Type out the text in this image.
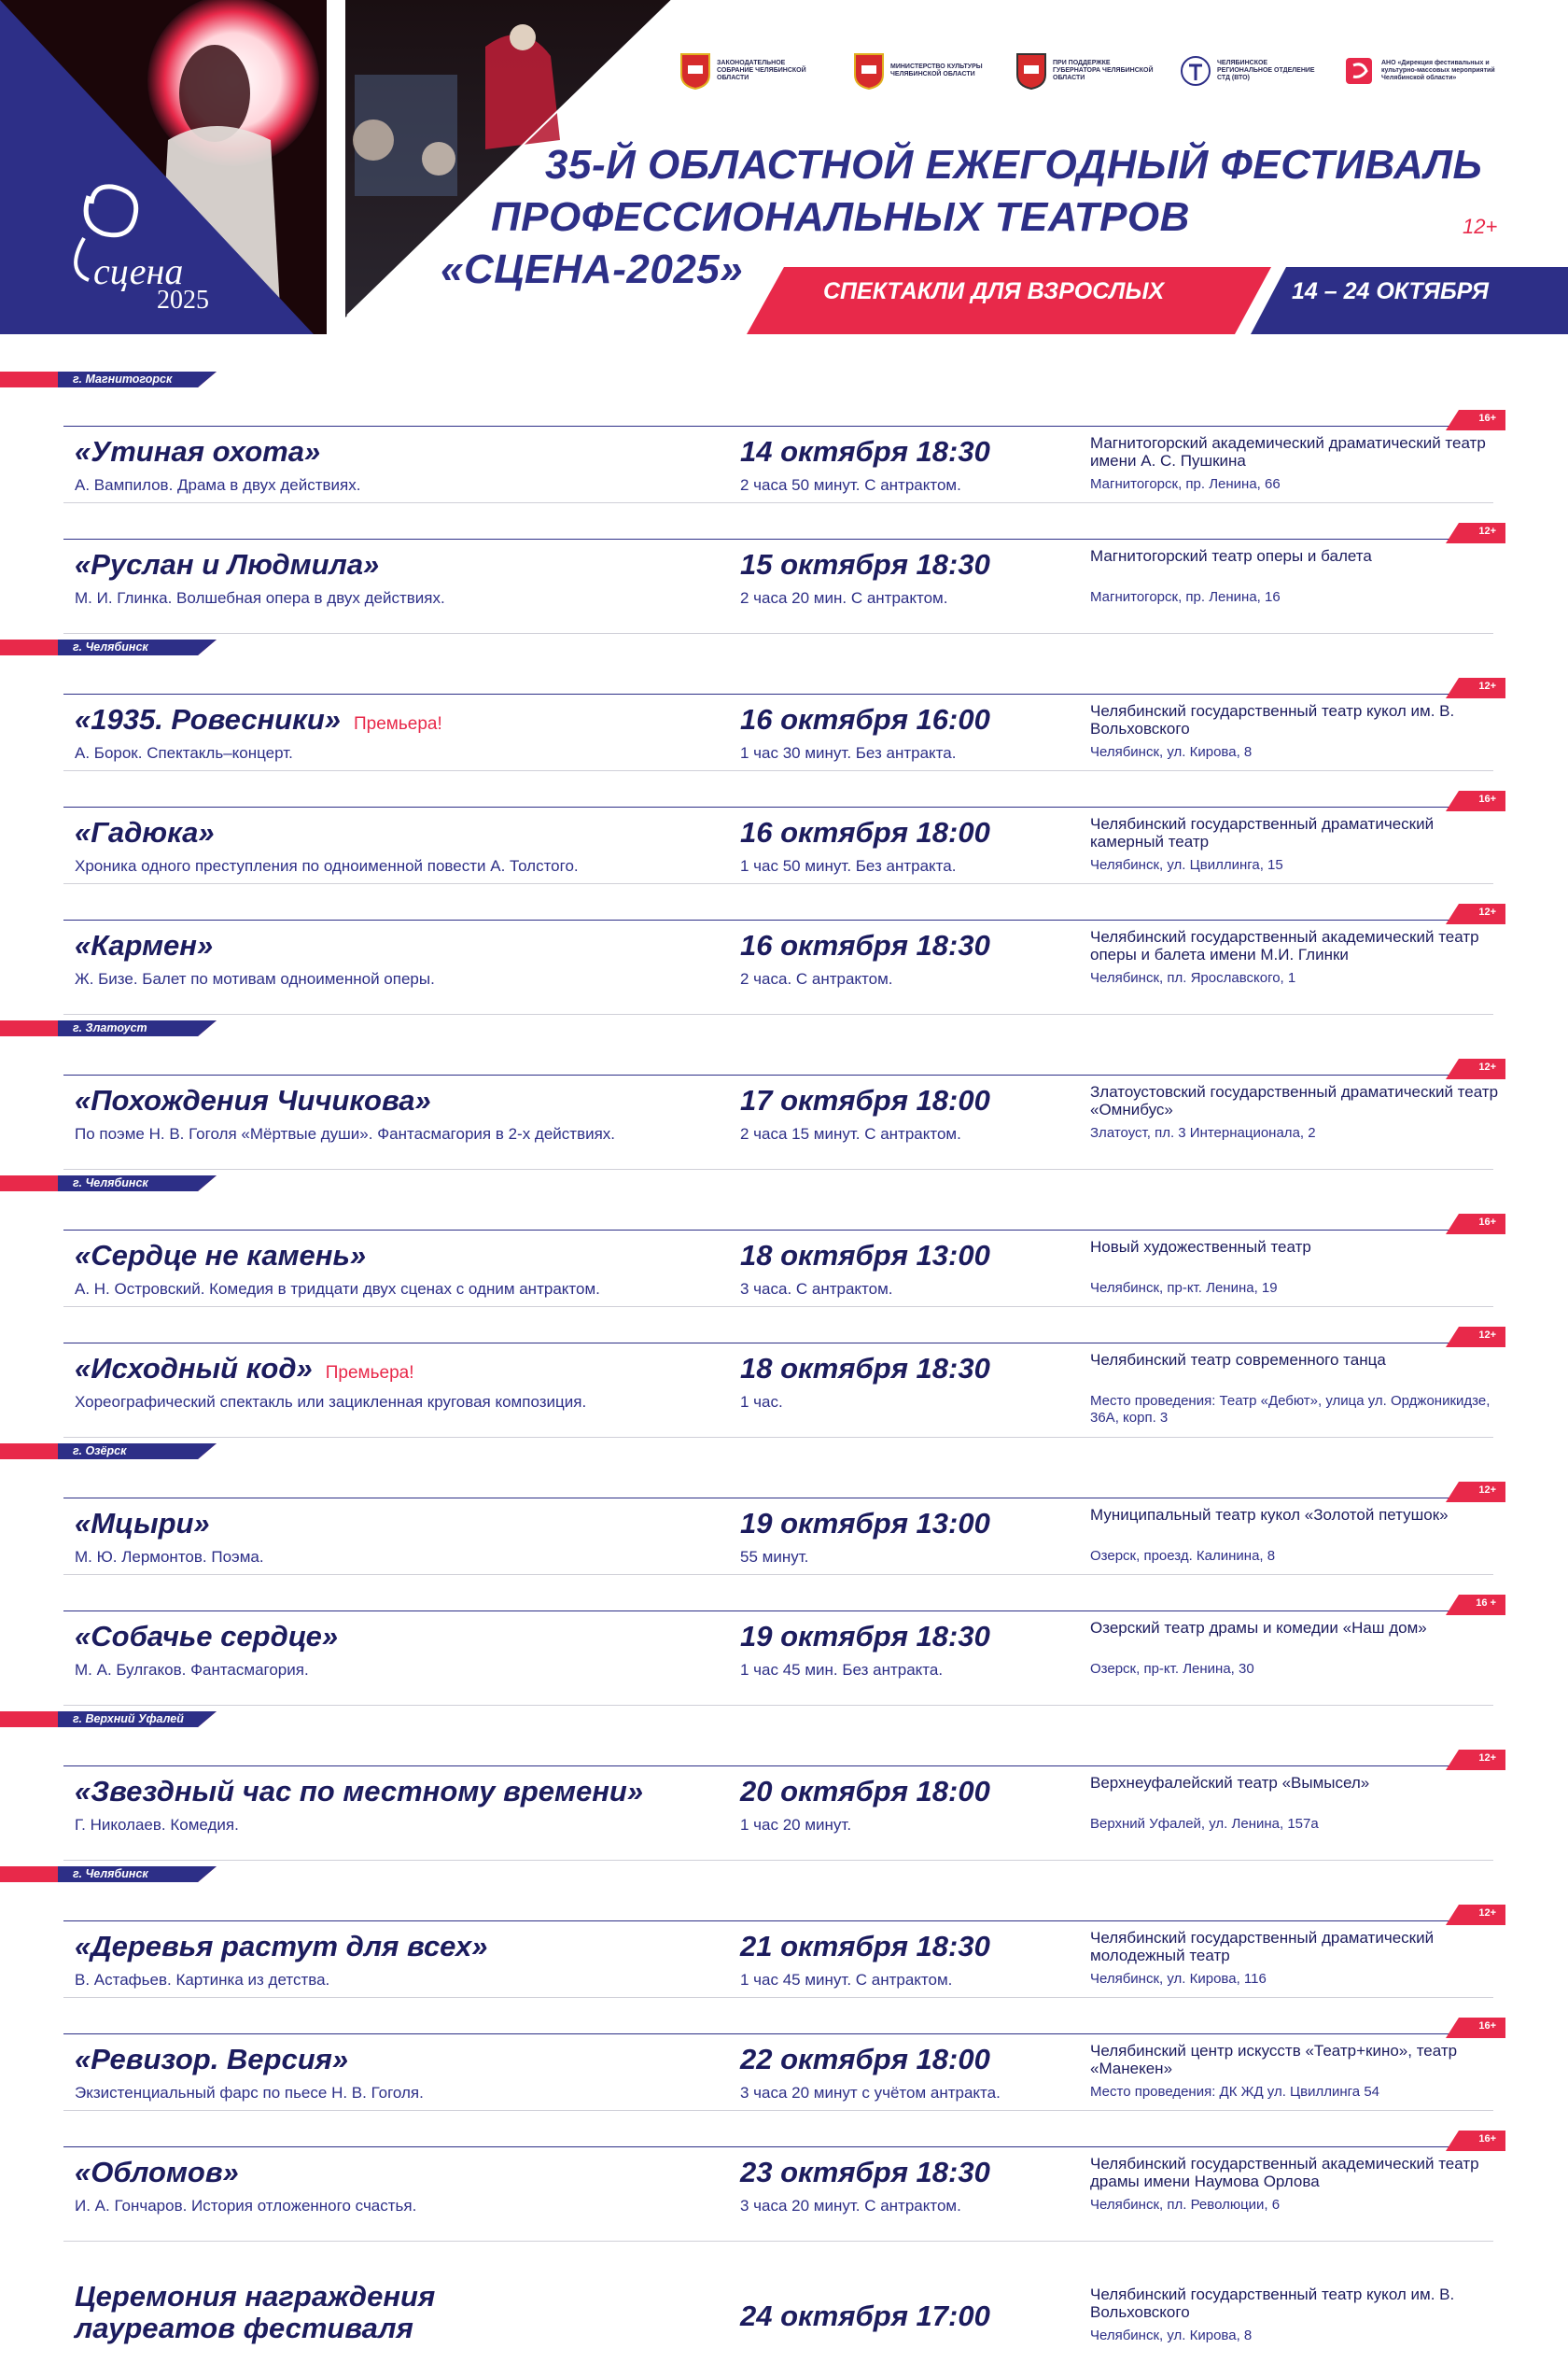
сцена
2025
ЗАКОНОДАТЕЛЬНОЕ СОБРАНИЕ ЧЕЛЯБИНСКОЙ ОБЛАСТИ
МИНИСТЕРСТВО КУЛЬТУРЫ ЧЕЛЯБИНСКОЙ ОБЛАСТИ
ПРИ ПОДДЕРЖКЕ ГУБЕРНАТОРА ЧЕЛЯБИНСКОЙ ОБЛАСТИ
ЧЕЛЯБИНСКОЕ РЕГИОНАЛЬНОЕ ОТДЕЛЕНИЕ СТД (ВТО)
АНО «Дирекция фестивальных и культурно-массовых мероприятий Челябинской области»
35-Й ОБЛАСТНОЙ ЕЖЕГОДНЫЙ ФЕСТИВАЛЬ
ПРОФЕССИОНАЛЬНЫХ ТЕАТРОВ
«СЦЕНА-2025»
12+
СПЕКТАКЛИ ДЛЯ ВЗРОСЛЫХ	14 – 24 ОКТЯБРЯ
г. Магнитогорск
16+
«Утиная охота»
А. Вампилов. Драма в двух действиях.
14 октября 18:30
2 часа 50 минут. С антрактом.
Магнитогорский академический драматический театр имени А. С. Пушкина
Магнитогорск, пр. Ленина, 66
12+
«Руслан и Людмила»
М. И. Глинка. Волшебная опера в двух действиях.
15 октября 18:30
2 часа 20 мин. С антрактом.
Магнитогорский театр оперы и балета
Магнитогорск, пр. Ленина, 16
г. Челябинск
12+
«1935. Ровесники» Премьера!
А. Борок. Спектакль–концерт.
16 октября 16:00
1 час 30 минут. Без антракта.
Челябинский государственный театр кукол им. В. Вольховского
Челябинск, ул. Кирова, 8
16+
«Гадюка»
Хроника одного преступления по одноименной повести А. Толстого.
16 октября 18:00
1 час 50 минут. Без антракта.
Челябинский государственный драматический камерный театр
Челябинск, ул. Цвиллинга, 15
12+
«Кармен»
Ж. Бизе. Балет по мотивам одноименной оперы.
16 октября 18:30
2 часа. С антрактом.
Челябинский государственный академический театр оперы и балета имени М.И. Глинки
Челябинск, пл. Ярославского, 1
г. Златоуст
12+
«Похождения Чичикова»
По поэме Н. В. Гоголя «Мёртвые души». Фантасмагория в 2-х действиях.
17 октября 18:00
2 часа 15 минут. С антрактом.
Златоустовский государственный драматический театр «Омнибус»
Златоуст, пл. 3 Интернационала, 2
г. Челябинск
16+
«Сердце не камень»
А. Н. Островский. Комедия в тридцати двух сценах с одним антрактом.
18 октября 13:00
3 часа. С антрактом.
Новый художественный театр
Челябинск, пр-кт. Ленина, 19
12+
«Исходный код» Премьера!
Хореографический спектакль или зацикленная круговая композиция.
18 октября 18:30
1 час.
Челябинский театр современного танца
Место проведения: Театр «Дебют», улица ул. Орджоникидзе, 36А, корп. 3
г. Озёрск
12+
«Мцыри»
М. Ю. Лермонтов. Поэма.
19 октября 13:00
55 минут.
Муниципальный театр кукол «Золотой петушок»
Озерск, проезд. Калинина, 8
16 +
«Собачье сердце»
М. А. Булгаков. Фантасмагория.
19 октября 18:30
1 час 45 мин. Без антракта.
Озерский театр драмы и комедии «Наш дом»
Озерск, пр-кт. Ленина, 30
г. Верхний Уфалей
12+
«Звездный час по местному времени»
Г. Николаев. Комедия.
20 октября 18:00
1 час 20 минут.
Верхнеуфалейский театр «Вымысел»
Верхний Уфалей, ул. Ленина, 157а
г. Челябинск
12+
«Деревья растут для всех»
В. Астафьев. Картинка из детства.
21 октября 18:30
1 час 45 минут. С антрактом.
Челябинский государственный драматический молодежный театр
Челябинск, ул. Кирова, 116
16+
«Ревизор. Версия»
Экзистенциальный фарс по пьесе Н. В. Гоголя.
22 октября 18:00
3 часа 20 минут с учётом антракта.
Челябинский центр искусств «Театр+кино», театр «Манекен»
Место проведения: ДК ЖД ул. Цвиллинга 54
16+
«Обломов»
И. А. Гончаров. История отложенного счастья.
23 октября 18:30
3 часа 20 минут. С антрактом.
Челябинский государственный академический театр драмы имени Наумова Орлова
Челябинск, пл. Революции, 6
Церемония награждения
лауреатов фестиваля	24 октября 17:00
Челябинский государственный театр кукол им. В. Вольховского
Челябинск, ул. Кирова, 8
